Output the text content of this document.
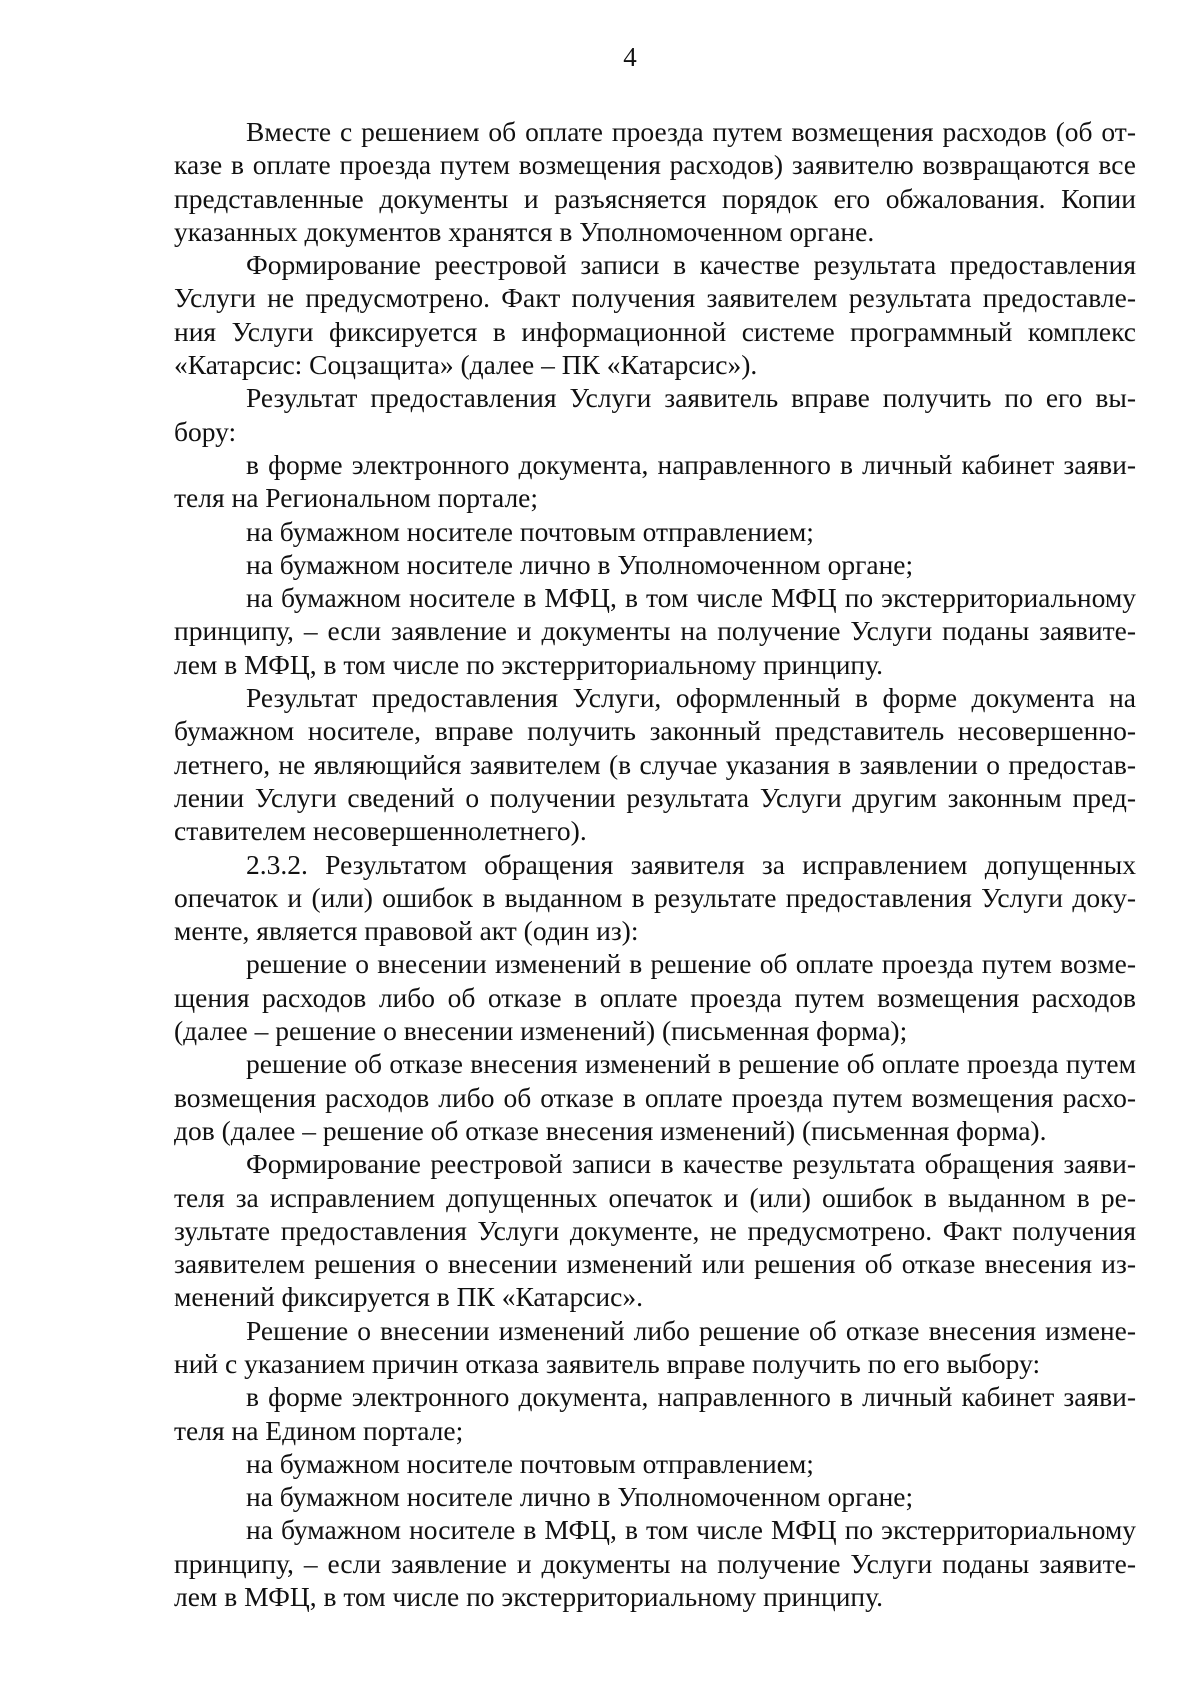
4

Вместе с решением об оплате проезда путем возмещения расходов (об отказе в оплате проезда путем возмещения расходов) заявителю возвращаются все представленные документы и разъясняется порядок его обжалования. Копии указанных документов хранятся в Уполномоченном органе.

Формирование реестровой записи в качестве результата предоставления Услуги не предусмотрено. Факт получения заявителем результата предоставления Услуги фиксируется в информационной системе программный комплекс «Катарсис: Соцзащита» (далее – ПК «Катарсис»).

Результат предоставления Услуги заявитель вправе получить по его выбору:

в форме электронного документа, направленного в личный кабинет заявителя на Региональном портале;

на бумажном носителе почтовым отправлением;

на бумажном носителе лично в Уполномоченном органе;

на бумажном носителе в МФЦ, в том числе МФЦ по экстерриториальному принципу, – если заявление и документы на получение Услуги поданы заявителем в МФЦ, в том числе по экстерриториальному принципу.

Результат предоставления Услуги, оформленный в форме документа на бумажном носителе, вправе получить законный представитель несовершеннолетнего, не являющийся заявителем (в случае указания в заявлении о предоставлении Услуги сведений о получении результата Услуги другим законным представителем несовершеннолетнего).

2.3.2. Результатом обращения заявителя за исправлением допущенных опечаток и (или) ошибок в выданном в результате предоставления Услуги документе, является правовой акт (один из):

решение о внесении изменений в решение об оплате проезда путем возмещения расходов либо об отказе в оплате проезда путем возмещения расходов (далее – решение о внесении изменений) (письменная форма);

решение об отказе внесения изменений в решение об оплате проезда путем возмещения расходов либо об отказе в оплате проезда путем возмещения расходов (далее – решение об отказе внесения изменений) (письменная форма).

Формирование реестровой записи в качестве результата обращения заявителя за исправлением допущенных опечаток и (или) ошибок в выданном в результате предоставления Услуги документе, не предусмотрено. Факт получения заявителем решения о внесении изменений или решения об отказе внесения изменений фиксируется в ПК «Катарсис».

Решение о внесении изменений либо решение об отказе внесения изменений с указанием причин отказа заявитель вправе получить по его выбору:

в форме электронного документа, направленного в личный кабинет заявителя на Едином портале;

на бумажном носителе почтовым отправлением;

на бумажном носителе лично в Уполномоченном органе;

на бумажном носителе в МФЦ, в том числе МФЦ по экстерриториальному принципу, – если заявление и документы на получение Услуги поданы заявителем в МФЦ, в том числе по экстерриториальному принципу.
